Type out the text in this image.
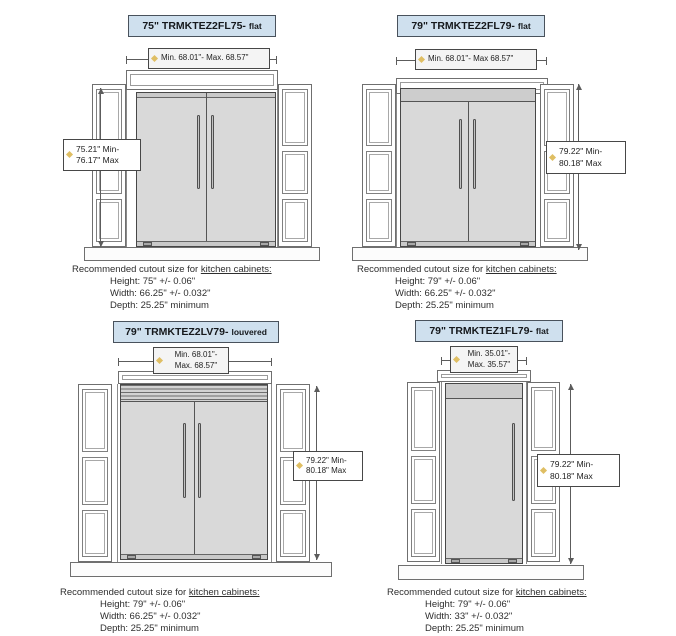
75" TRMKTEZ2FL75- flat
Min. 68.01"- Max. 68.57"
75.21" Min-
76.17" Max
Recommended cutout size for kitchen cabinets:
Height: 75" +/- 0.06"
Width: 66.25" +/- 0.032"
Depth: 25.25" minimum
79" TRMKTEZ2FL79- flat
Min. 68.01"- Max 68.57"
79.22" Min-
80.18" Max
Recommended cutout size for kitchen cabinets:
Height: 79" +/- 0.06"
Width: 66.25" +/- 0.032"
Depth: 25.25" minimum
79" TRMKTEZ2LV79- louvered
Min. 68.01"-
Max. 68.57"
79.22" Min-
80.18" Max
Recommended cutout size for kitchen cabinets:
Height: 79" +/- 0.06"
Width: 66.25" +/- 0.032"
Depth: 25.25" minimum
79" TRMKTEZ1FL79- flat
Min. 35.01"-
Max. 35.57"
79.22" Min-
80.18" Max
Recommended cutout size for kitchen cabinets:
Height: 79" +/- 0.06"
Width: 33" +/- 0.032"
Depth: 25.25" minimum
